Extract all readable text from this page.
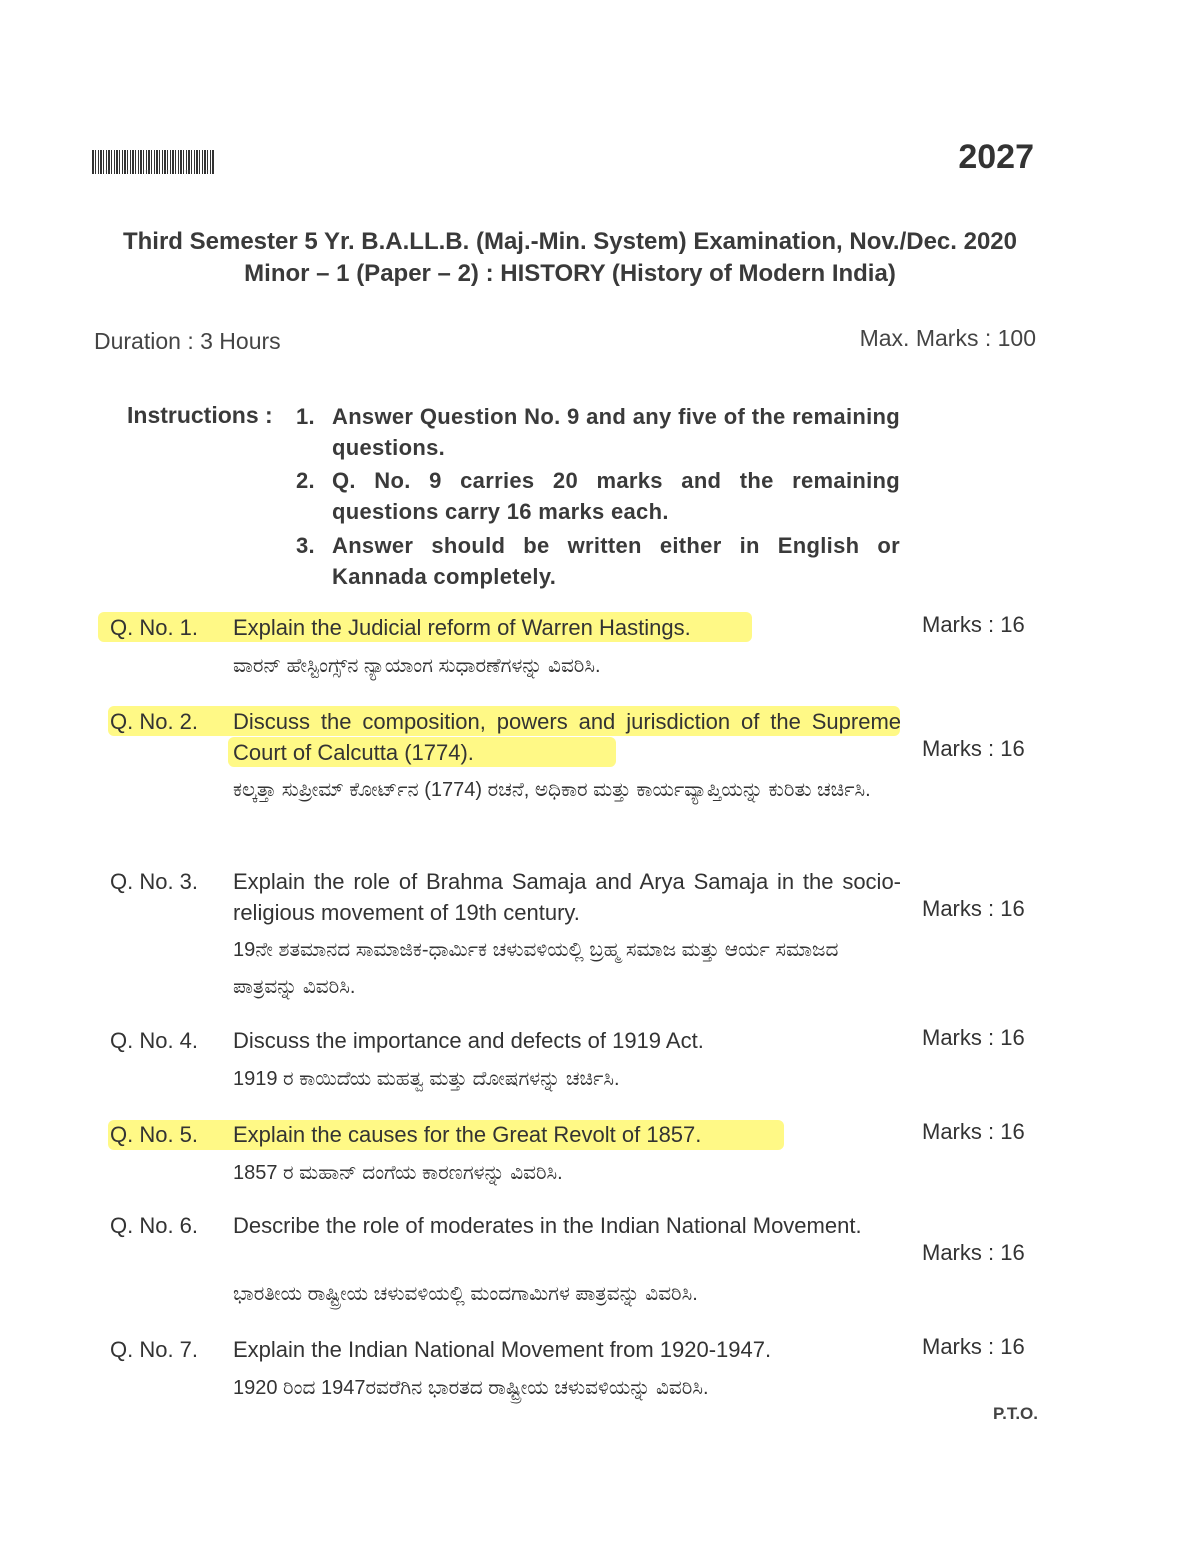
2027
Third Semester 5 Yr. B.A.LL.B. (Maj.-Min. System) Examination, Nov./Dec. 2020
Minor – 1 (Paper – 2) : HISTORY (History of Modern India)
Duration : 3 Hours	Max. Marks : 100
Instructions : 1. Answer Question No. 9 and any five of the remaining questions.
2. Q. No. 9 carries 20 marks and the remaining questions carry 16 marks each.
3. Answer should be written either in English or Kannada completely.
Q. No. 1. Explain the Judicial reform of Warren Hastings.	Marks : 16
ವಾರನ್ ಹೇಸ್ಟಿಂಗ್ಸ್‌ನ ನ್ಯಾಯಾಂಗ ಸುಧಾರಣೆಗಳನ್ನು ವಿವರಿಸಿ.
Q. No. 2. Discuss the composition, powers and jurisdiction of the Supreme Court of Calcutta (1774).	Marks : 16
ಕಲ್ಕತ್ತಾ ಸುಪ್ರೀಮ್ ಕೋರ್ಟ್‌ನ (1774) ರಚನೆ, ಅಧಿಕಾರ ಮತ್ತು ಕಾರ್ಯವ್ಯಾಪ್ತಿಯನ್ನು ಕುರಿತು ಚರ್ಚಿಸಿ.
Q. No. 3. Explain the role of Brahma Samaja and Arya Samaja in the socio-religious movement of 19th century.	Marks : 16
19ನೇ ಶತಮಾನದ ಸಾಮಾಜಿಕ-ಧಾರ್ಮಿಕ ಚಳುವಳಿಯಲ್ಲಿ ಬ್ರಹ್ಮ ಸಮಾಜ ಮತ್ತು ಆರ್ಯ ಸಮಾಜದ ಪಾತ್ರವನ್ನು ವಿವರಿಸಿ.
Q. No. 4. Discuss the importance and defects of 1919 Act.	Marks : 16
1919 ರ ಕಾಯಿದೆಯ ಮಹತ್ವ ಮತ್ತು ದೋಷಗಳನ್ನು ಚರ್ಚಿಸಿ.
Q. No. 5. Explain the causes for the Great Revolt of 1857.	Marks : 16
1857 ರ ಮಹಾನ್ ದಂಗೆಯ ಕಾರಣಗಳನ್ನು ವಿವರಿಸಿ.
Q. No. 6. Describe the role of moderates in the Indian National Movement.
Marks : 16
ಭಾರತೀಯ ರಾಷ್ಟ್ರೀಯ ಚಳುವಳಿಯಲ್ಲಿ ಮಂದಗಾಮಿಗಳ ಪಾತ್ರವನ್ನು ವಿವರಿಸಿ.
Q. No. 7. Explain the Indian National Movement from 1920-1947.	Marks : 16
1920 ರಿಂದ 1947ರವರೆಗಿನ ಭಾರತದ ರಾಷ್ಟ್ರೀಯ ಚಳುವಳಿಯನ್ನು ವಿವರಿಸಿ.
P.T.O.
